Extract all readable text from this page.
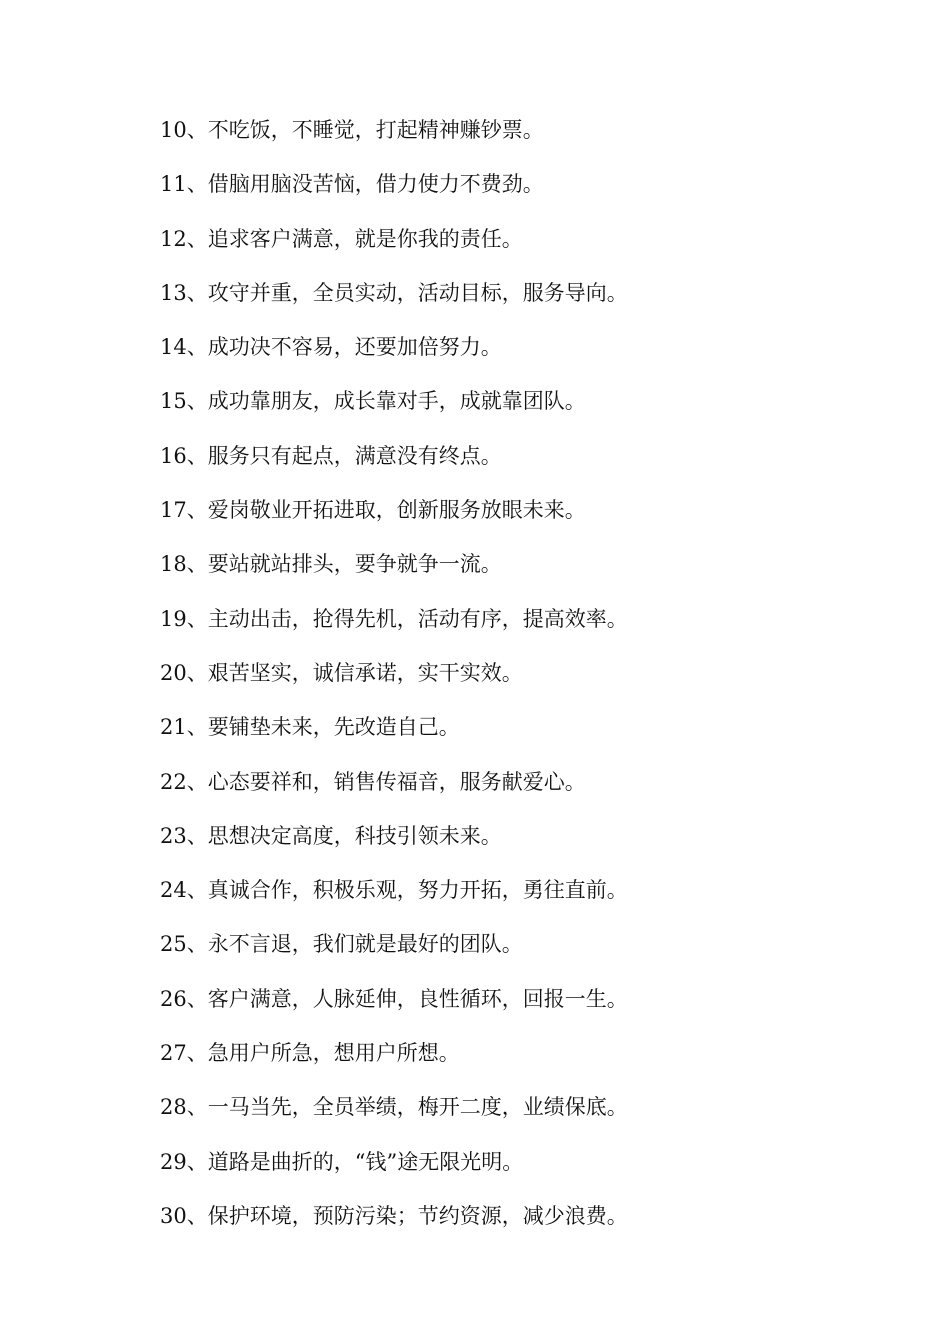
10、不吃饭，不睡觉，打起精神赚钞票。
11、借脑用脑没苦恼，借力使力不费劲。
12、追求客户满意，就是你我的责任。
13、攻守并重，全员实动，活动目标，服务导向。
14、成功决不容易，还要加倍努力。
15、成功靠朋友，成长靠对手，成就靠团队。
16、服务只有起点，满意没有终点。
17、爱岗敬业开拓进取，创新服务放眼未来。
18、要站就站排头，要争就争一流。
19、主动出击，抢得先机，活动有序，提高效率。
20、艰苦坚实，诚信承诺，实干实效。
21、要铺垫未来，先改造自己。
22、心态要祥和，销售传福音，服务献爱心。
23、思想决定高度，科技引领未来。
24、真诚合作，积极乐观，努力开拓，勇往直前。
25、永不言退，我们就是最好的团队。
26、客户满意，人脉延伸，良性循环，回报一生。
27、急用户所急，想用户所想。
28、一马当先，全员举绩，梅开二度，业绩保底。
29、道路是曲折的，“钱”途无限光明。
30、保护环境，预防污染；节约资源，减少浪费。
